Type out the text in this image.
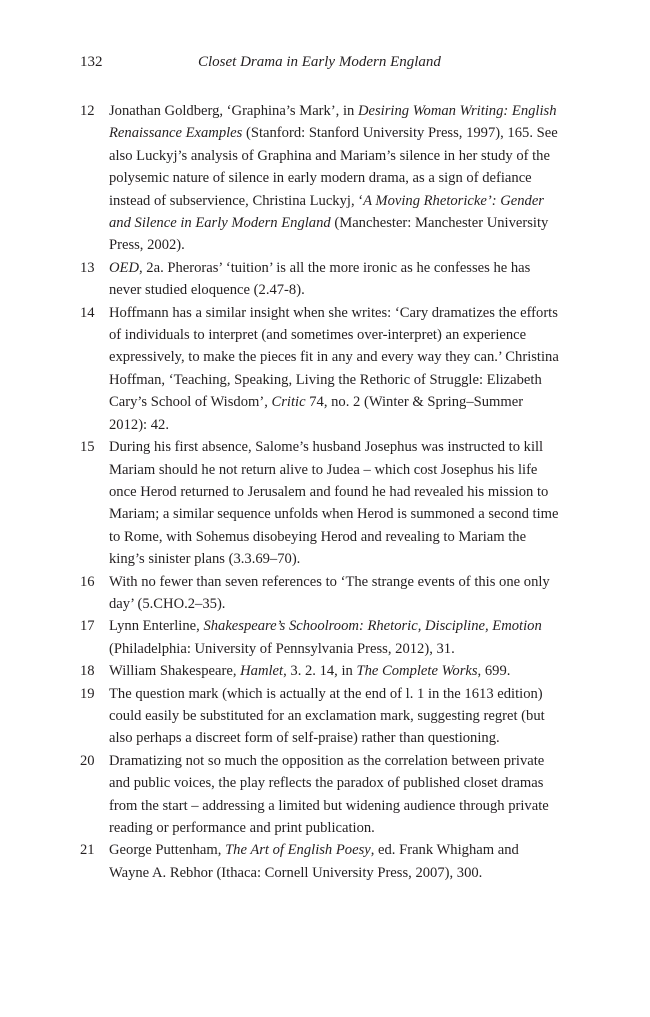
132	Closet Drama in Early Modern England
12 Jonathan Goldberg, ‘Graphina’s Mark’, in Desiring Woman Writing: English Renaissance Examples (Stanford: Stanford University Press, 1997), 165. See also Luckyj’s analysis of Graphina and Mariam’s silence in her study of the polysemic nature of silence in early modern drama, as a sign of defiance instead of subservience, Christina Luckyj, ‘A Moving Rhetoricke’: Gender and Silence in Early Modern England (Manchester: Manchester University Press, 2002).
13 OED, 2a. Pheroras’ ‘tuition’ is all the more ironic as he confesses he has never studied eloquence (2.47-8).
14 Hoffmann has a similar insight when she writes: ‘Cary dramatizes the efforts of individuals to interpret (and sometimes over-interpret) an experience expressively, to make the pieces fit in any and every way they can.’ Christina Hoffman, ‘Teaching, Speaking, Living the Rethoric of Struggle: Elizabeth Cary’s School of Wisdom’, Critic 74, no. 2 (Winter & Spring–Summer 2012): 42.
15 During his first absence, Salome’s husband Josephus was instructed to kill Mariam should he not return alive to Judea – which cost Josephus his life once Herod returned to Jerusalem and found he had revealed his mission to Mariam; a similar sequence unfolds when Herod is summoned a second time to Rome, with Sohemus disobeying Herod and revealing to Mariam the king’s sinister plans (3.3.69–70).
16 With no fewer than seven references to ‘The strange events of this one only day’ (5.CHO.2–35).
17 Lynn Enterline, Shakespeare’s Schoolroom: Rhetoric, Discipline, Emotion (Philadelphia: University of Pennsylvania Press, 2012), 31.
18 William Shakespeare, Hamlet, 3. 2. 14, in The Complete Works, 699.
19 The question mark (which is actually at the end of l. 1 in the 1613 edition) could easily be substituted for an exclamation mark, suggesting regret (but also perhaps a discreet form of self-praise) rather than questioning.
20 Dramatizing not so much the opposition as the correlation between private and public voices, the play reflects the paradox of published closet dramas from the start – addressing a limited but widening audience through private reading or performance and print publication.
21 George Puttenham, The Art of English Poesy, ed. Frank Whigham and Wayne A. Rebhor (Ithaca: Cornell University Press, 2007), 300.
